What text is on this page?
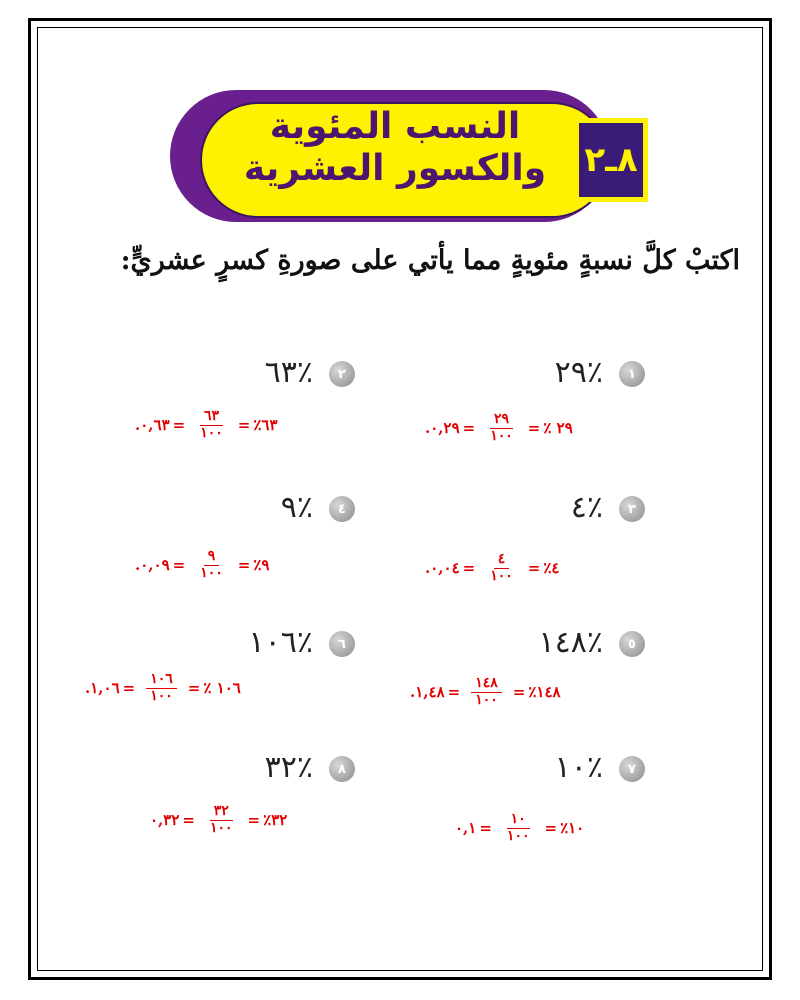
النسب المئوية
والكسور العشرية	٨ـ٢
اكتبْ كلَّ نسبةٍ مئويةٍ مما يأتي على صورةِ كسرٍ عشريٍّ:
٪٢٩	١
٪٦٣	٢
.٠,٢٩ = $\frac{٢٩}{١٠٠}$ = ٪ ٢٩
.٠,٦٣ = $\frac{٦٣}{١٠٠}$ = ٪٦٣
٪٤	٣
٪٩	٤
.٠,٠٤ = $\frac{٤}{١٠٠}$ = ٪٤
.٠,٠٩ = $\frac{٩}{١٠٠}$ = ٪٩
٪١٤٨	٥
٪١٠٦	٦
.١,٤٨ = $\frac{١٤٨}{١٠٠}$ = ٪١٤٨
.١,٠٦ = $\frac{١٠٦}{١٠٠}$ = ٪ ١٠٦
٪١٠	٧
٪٣٢	٨
٠,١ = $\frac{١٠}{١٠٠}$ = ٪١٠
٠,٣٢ = $\frac{٣٢}{١٠٠}$ = ٪٣٢
